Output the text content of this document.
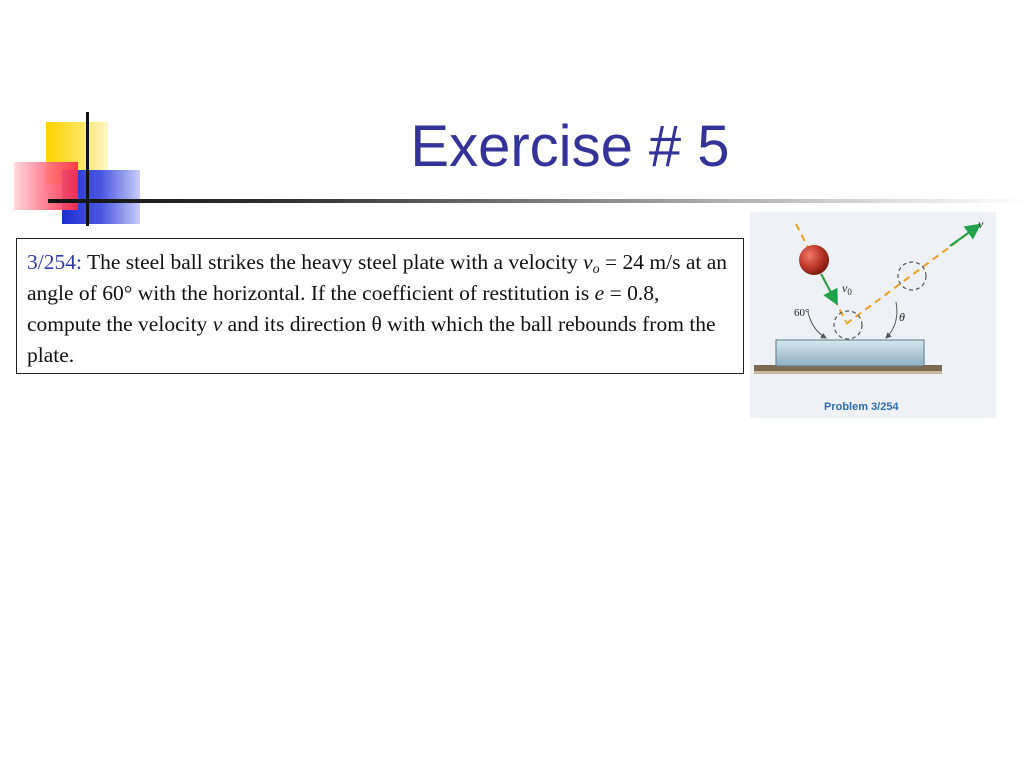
Exercise # 5
3/254: The steel ball strikes the heavy steel plate with a velocity $v_o = 24$ m/s at an angle of 60° with the horizontal. If the coefficient of restitution is e = 0.8, compute the velocity v and its direction θ with which the ball rebounds from the plate.
v
$v_0$
60°	θ
Problem 3/254
